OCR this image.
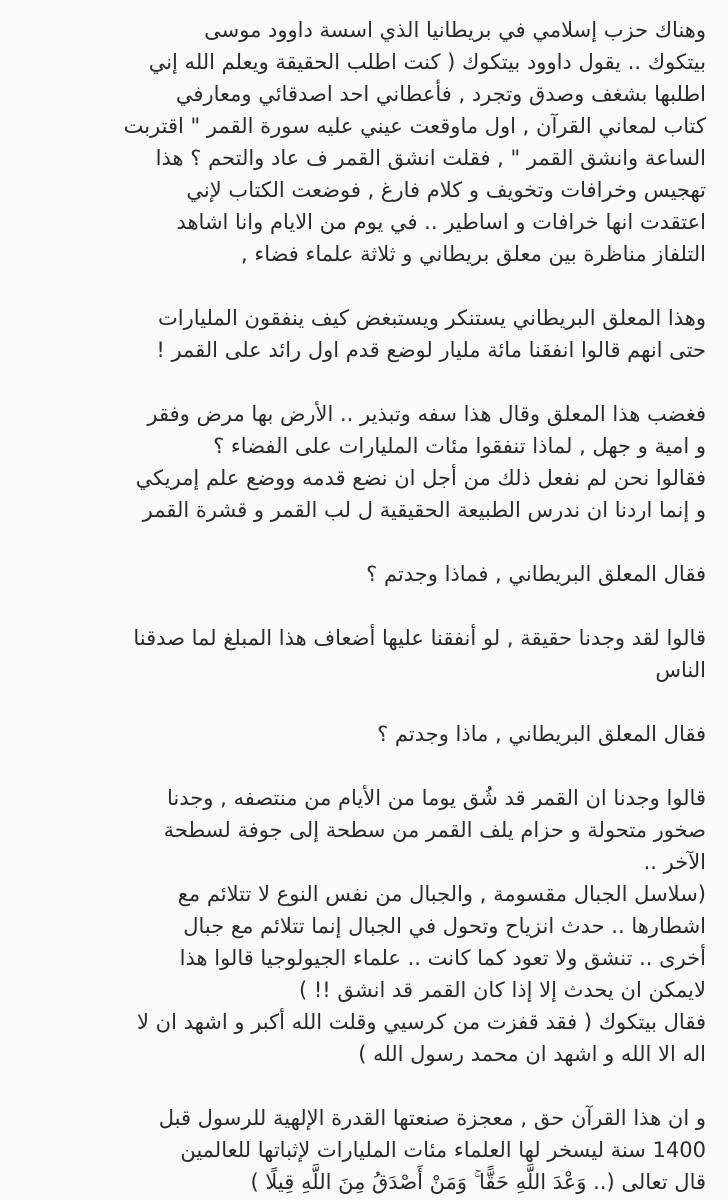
وهناك حزب إسلامي في بريطانيا الذي اسسة داوود موسى
بيتكوك .. يقول داوود بيتكوك ( كنت اطلب الحقيقة ويعلم الله إني
اطلبها بشغف وصدق وتجرد , فأعطاني احد اصدقائي ومعارفي
كتاب لمعاني القرآن , اول ماوقعت عيني عليه سورة القمر " اقتربت
الساعة وانشق القمر " , فقلت انشق القمر ف عاد والتحم ؟ هذا
تهجيس وخرافات وتخويف و كلام فارغ , فوضعت الكتاب لإني
اعتقدت انها خرافات و اساطير .. في يوم من الايام وانا اشاهد
التلفاز مناظرة بين معلق بريطاني و ثلاثة علماء فضاء ,
وهذا المعلق البريطاني يستنكر ويستبغض كيف ينفقون المليارات
حتى انهم قالوا انفقنا مائة مليار لوضع قدم اول رائد على القمر !
فغضب هذا المعلق وقال هذا سفه وتبذير .. الأرض بها مرض وفقر
و امية و جهل , لماذا تنفقوا مئات المليارات على الفضاء ؟
فقالوا نحن لم نفعل ذلك من أجل ان نضع قدمه ووضع علم إمريكي
و إنما اردنا ان ندرس الطبيعة الحقيقية ل لب القمر و قشرة القمر
فقال المعلق البريطاني , فماذا وجدتم ؟
قالوا لقد وجدنا حقيقة , لو أنفقنا عليها أضعاف هذا المبلغ لما صدقنا
الناس
فقال المعلق البريطاني , ماذا وجدتم ؟
قالوا وجدنا ان القمر قد شُق يوما من الأيام من منتصفه , وجدنا
صخور متحولة و حزام يلف القمر من سطحة إلى جوفة لسطحة
الآخر ..
(سلاسل الجبال مقسومة , والجبال من نفس النوع لا تتلائم مع
اشطارها .. حدث انزياح وتحول في الجبال إنما تتلائم مع جبال
أخرى .. تنشق ولا تعود كما كانت .. علماء الجيولوجيا قالوا هذا
لايمكن ان يحدث إلا إذا كان القمر قد انشق !! )
فقال بيتكوك ( فقد قفزت من كرسيي وقلت الله أكبر و اشهد ان لا
اله الا الله و اشهد ان محمد رسول الله )
و ان هذا القرآن حق , معجزة صنعتها القدرة الإلهية للرسول قبل
1400 سنة ليسخر لها العلماء مئات المليارات لإثباتها للعالمين
قال تعالى (.. وَعْدَ اللَّهِ حَقًّا ۚ وَمَنْ أَصْدَقُ مِنَ اللَّهِ قِيلًا )
